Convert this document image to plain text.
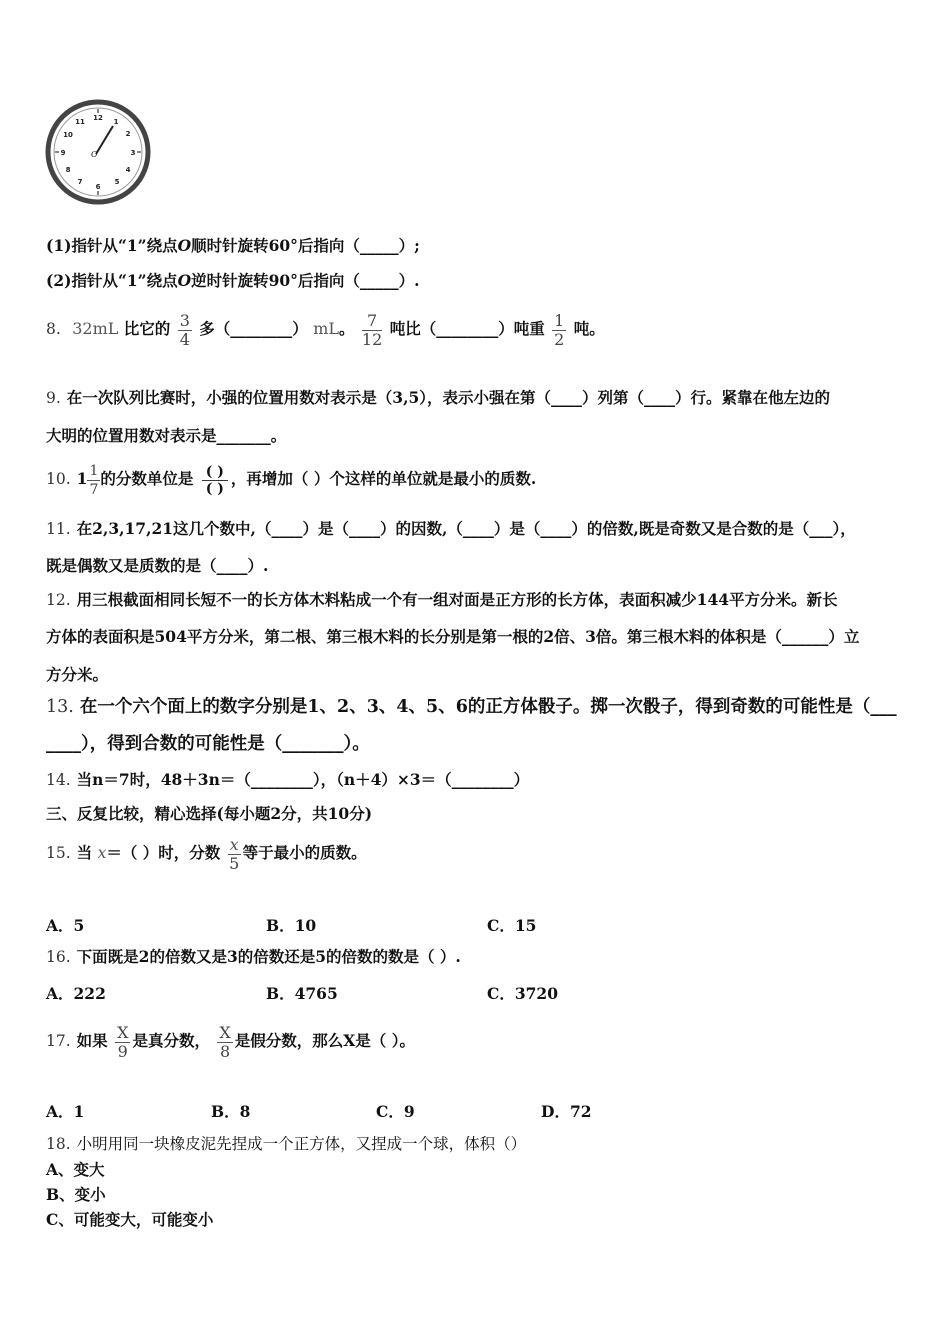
12 1
2
3
4
5
6
7
8
9
10
11
O
(1)指针从“1”绕点O顺时针旋转60°后指向（_____）;
(2)指针从“1”绕点O逆时针旋转90°后指向（_____）.
8. 32mL 比它的 $\frac{3}{4}$ 多（________） mL。 $\frac{7}{12}$ 吨比（________）吨重 $\frac{1}{2}$ 吨。
9. 在一次队列比赛时，小强的位置用数对表示是（3,5），表示小强在第（____）列第（____）行。紧靠在他左边的
大明的位置用数对表示是_______。
10. $1 \frac{1}{7}$ 的分数单位是 ( )
( )
，再增加（ ）个这样的单位就是最小的质数.
11. 在2,3,17,21这几个数中,（____）是（____）的因数,（____）是（____）的倍数,既是奇数又是合数的是（___），
既是偶数又是质数的是（____）.
12. 用三根截面相同长短不一的长方体木料粘成一个有一组对面是正方形的长方体，表面积减少144平方分米。新长
方体的表面积是504平方分米，第二根、第三根木料的长分别是第一根的2倍、3倍。第三根木料的体积是（______）立
方分米。
13. 在一个六个面上的数字分别是1、2、3、4、5、6的正方体骰子。掷一次骰子，得到奇数的可能性是（___
____），得到合数的可能性是（_______）。
14. 当n＝7时，48＋3n＝（________），（n＋4）×3＝（________）
三、反复比较，精心选择(每小题2分，共10分)
15. 当 x＝（ ）时，分数 $\frac{x}{5}$ 等于最小的质数。
A．5	B．10	C．15
16. 下面既是2的倍数又是3的倍数还是5的倍数的数是（ ）.
A．222	B．4765	C．3720
17. 如果 $\frac{X}{9}$ 是真分数， $\frac{X}{8}$ 是假分数，那么X是（ ）。
A．1	B．8	C．9	D．72
18. 小明用同一块橡皮泥先捏成一个正方体，又捏成一个球，体积（）
A、变大
B、变小
C、可能变大，可能变小
